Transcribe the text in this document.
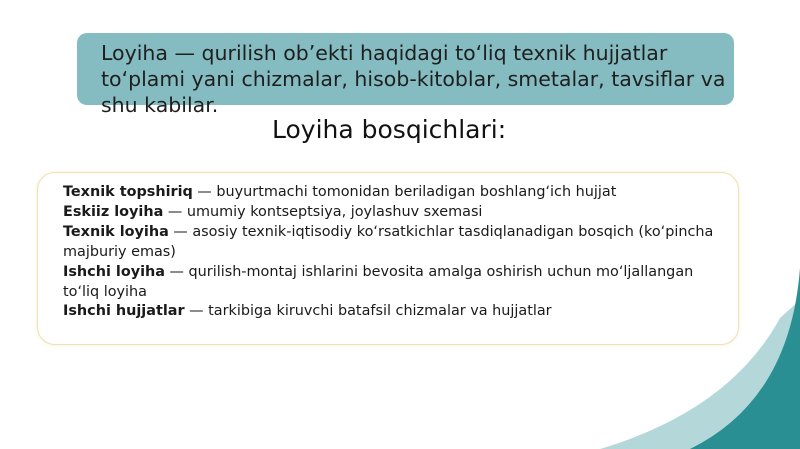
Loyiha — qurilish ob’ekti haqidagi to‘liq texnik hujjatlar to‘plami yani chizmalar, hisob-kitoblar, smetalar, tavsiflar va shu kabilar.

Loyiha bosqichlari:
Texnik topshiriq — buyurtmachi tomonidan beriladigan boshlang‘ich hujjat
Eskiiz loyiha — umumiy kontseptsiya, joylashuv sxemasi
Texnik loyiha — asosiy texnik-iqtisodiy ko‘rsatkichlar tasdiqlanadigan bosqich (ko‘pincha majburiy emas)
Ishchi loyiha — qurilish-montaj ishlarini bevosita amalga oshirish uchun mo‘ljallangan to‘liq loyiha
Ishchi hujjatlar — tarkibiga kiruvchi batafsil chizmalar va hujjatlar
